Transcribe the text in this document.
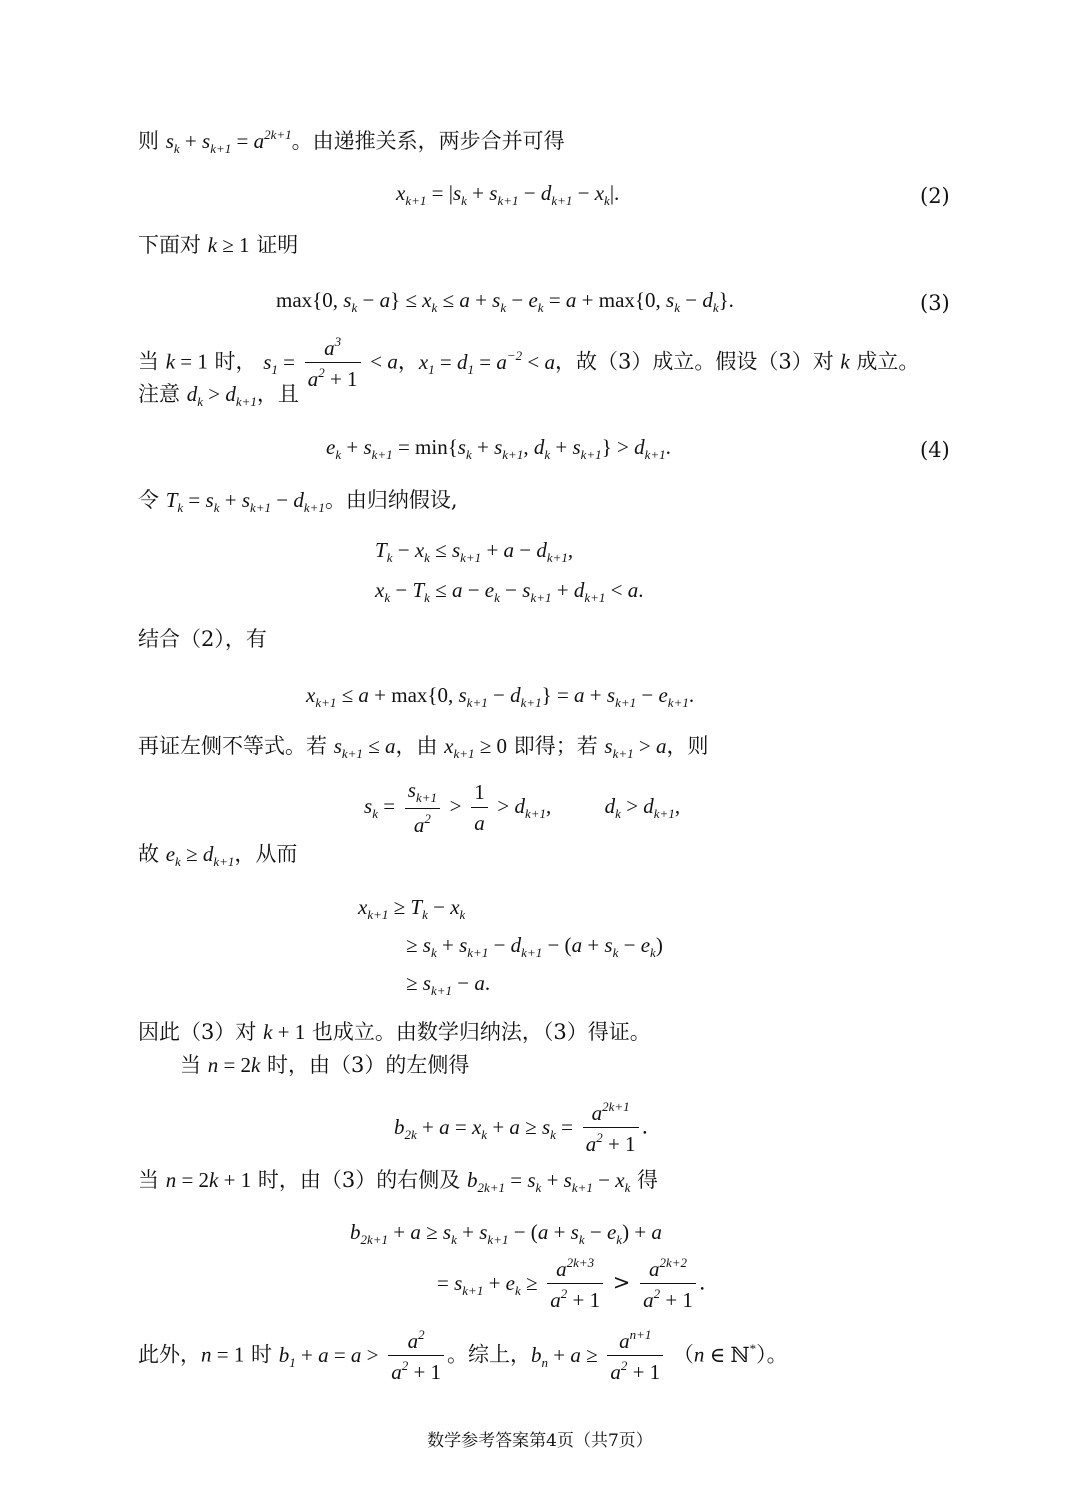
则 $s_k + s_{k+1} = a^{2k+1}$。由递推关系，两步合并可得
$x_{k+1} = |s_k + s_{k+1} - d_{k+1} - x_k|$.	(2)
下面对 k ≥ 1 证明
max{0, $s_k - a\} \le x_k \le a + s_k - e_k = a + \max\{0$, $s_k - d_k$}.	(3)
当 k = 1 时， $s_1 = \frac{a^3}{a^2 + 1} < a$，$x_1 = d_1 = a^{-2} < a$，故（3）成立。假设（3）对 k 成立。
注意 $d_k > d_{k+1}$，且
$e_k + s_{k+1} = \min\{s_k + s_{k+1}$, $d_k + s_{k+1}\} > d_{k+1}$.	(4)
令 $T_k = s_k + s_{k+1} - d_{k+1}$。由归纳假设,
$T_k - x_k \le s_{k+1} + a - d_{k+1}$,
$x_k - T_k \le a - e_k - s_{k+1} + d_{k+1} < a$.
结合（2），有
$x_{k+1} \le a + \max\{0$, $s_{k+1} - d_{k+1}\} = a + s_{k+1} - e_{k+1}$.
再证左侧不等式。若 $s_{k+1} \le a$，由 $x_{k+1} \ge 0$ 即得；若 $s_{k+1} > a$，则
$s_k = \frac{s_{k+1}}{a^2} > \frac{1}{a} > d_{k+1}$,	$d_k > d_{k+1}$,
故 $e_k \ge d_{k+1}$，从而
$x_{k+1} \ge T_k - x_k$
≥ $s_k + s_{k+1} - d_{k+1} - (a + s_k - e_k)$
≥ $s_{k+1} - a$.
因此（3）对 k + 1 也成立。由数学归纳法，（3）得证。
当 n = 2k 时，由（3）的左侧得
$b_{2k} + a = x_k + a \ge s_k = \frac{a^{2k+1}}{a^2 + 1}$ .
当 n = 2k + 1 时，由（3）的右侧及 $b_{2k+1} = s_k + s_{k+1} - x_k$ 得
$b_{2k+1} + a \ge s_k + s_{k+1} - (a + s_k - e_k) + a$
= $s_{k+1} + e_k \ge \frac{a^{2k+3}}{a^2 + 1} > \frac{a^{2k+2}}{a^2 + 1}$ .
此外，n = 1 时 $b_1 + a = a > \frac{a^2}{a^2 + 1}$ 。综上，$b_n + a \ge \frac{a^{n+1}}{a^2 + 1} (n$ ∈ ℕ*）。
数学参考答案第4页（共7页）
